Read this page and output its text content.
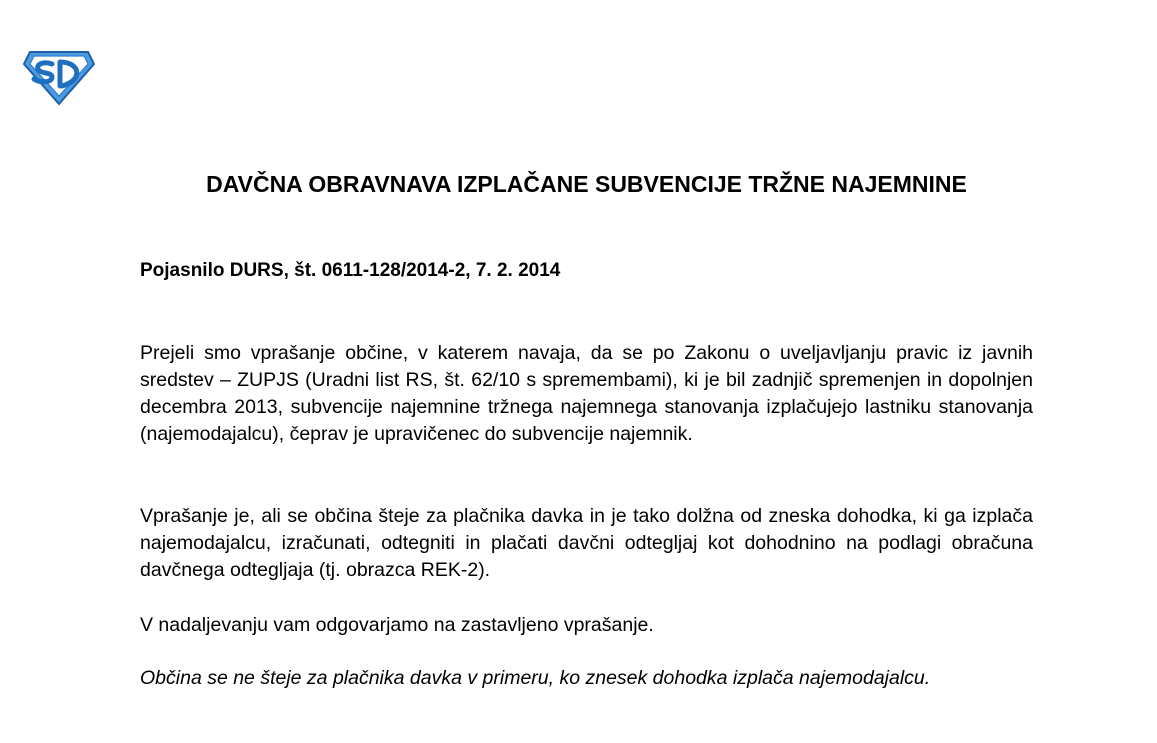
DAVČNA OBRAVNAVA IZPLAČANE SUBVENCIJE TRŽNE NAJEMNINE

Pojasnilo DURS, št. 0611-128/2014-2, 7. 2. 2014

Prejeli smo vprašanje občine, v katerem navaja, da se po Zakonu o uveljavljanju pravic iz javnih sredstev – ZUPJS (Uradni list RS, št. 62/10 s spremembami), ki je bil zadnjič spremenjen in dopolnjen decembra 2013, subvencije najemnine tržnega najemnega stanovanja izplačujejo lastniku stanovanja (najemodajalcu), čeprav je upravičenec do subvencije najemnik.

Vprašanje je, ali se občina šteje za plačnika davka in je tako dolžna od zneska dohodka, ki ga izplača najemodajalcu, izračunati, odtegniti in plačati davčni odtegljaj kot dohodnino na podlagi obračuna davčnega odtegljaja (tj. obrazca REK-2).

V nadaljevanju vam odgovarjamo na zastavljeno vprašanje.

Občina se ne šteje za plačnika davka v primeru, ko znesek dohodka izplača najemodajalcu.
